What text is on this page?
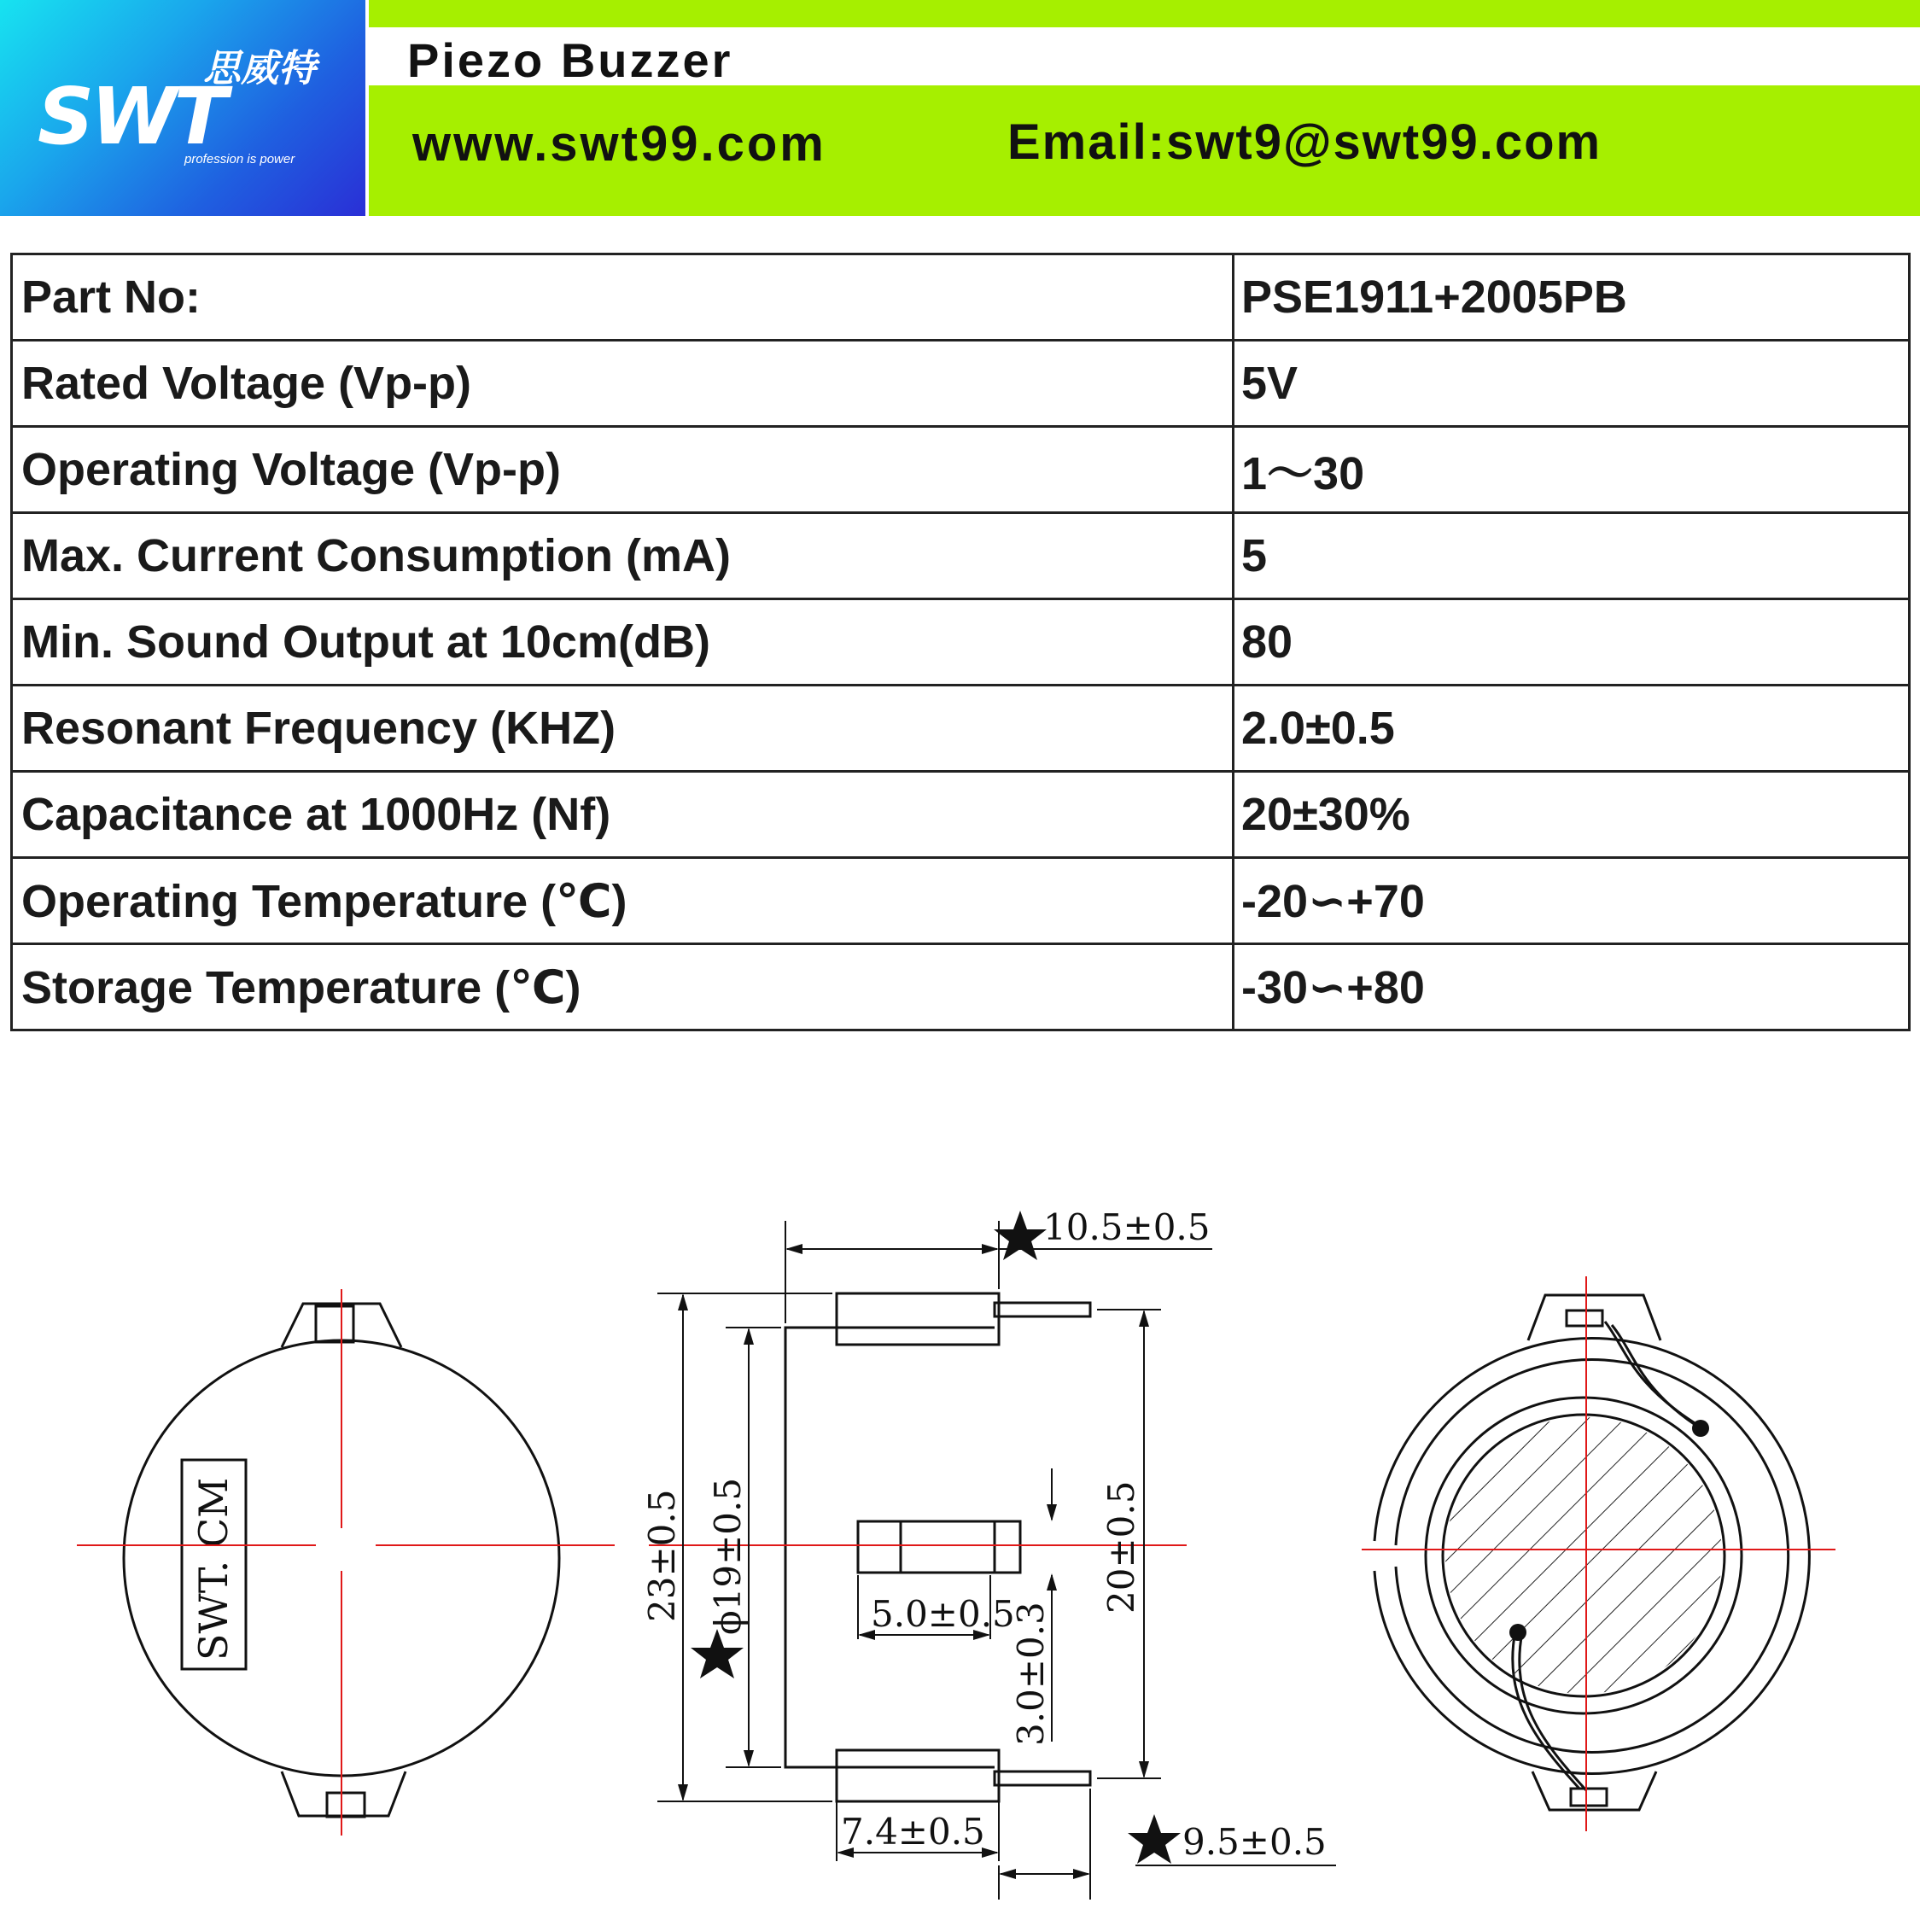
思威特
SWT
profession is power
Piezo Buzzer
www.swt99.com	Email:swt9@swt99.com
Part No:	PSE1911+2005PB
Rated Voltage (Vp-p)	5V
Operating Voltage (Vp-p)	1～30
Max. Current Consumption (mA)	5
Min. Sound Output at 10cm(dB)	80
Resonant Frequency (KHZ)	2.0±0.5
Capacitance at 1000Hz (Nf)	20±30%
Operating Temperature (℃)	-20∽+70
Storage Temperature (℃)	-30∽+80
SWT. CM
10.5±0.5
23±0.5 ϕ19±0.5	20±0.5
5.0±0.5
3.0±0.3
7.4±0.5	9.5±0.5
